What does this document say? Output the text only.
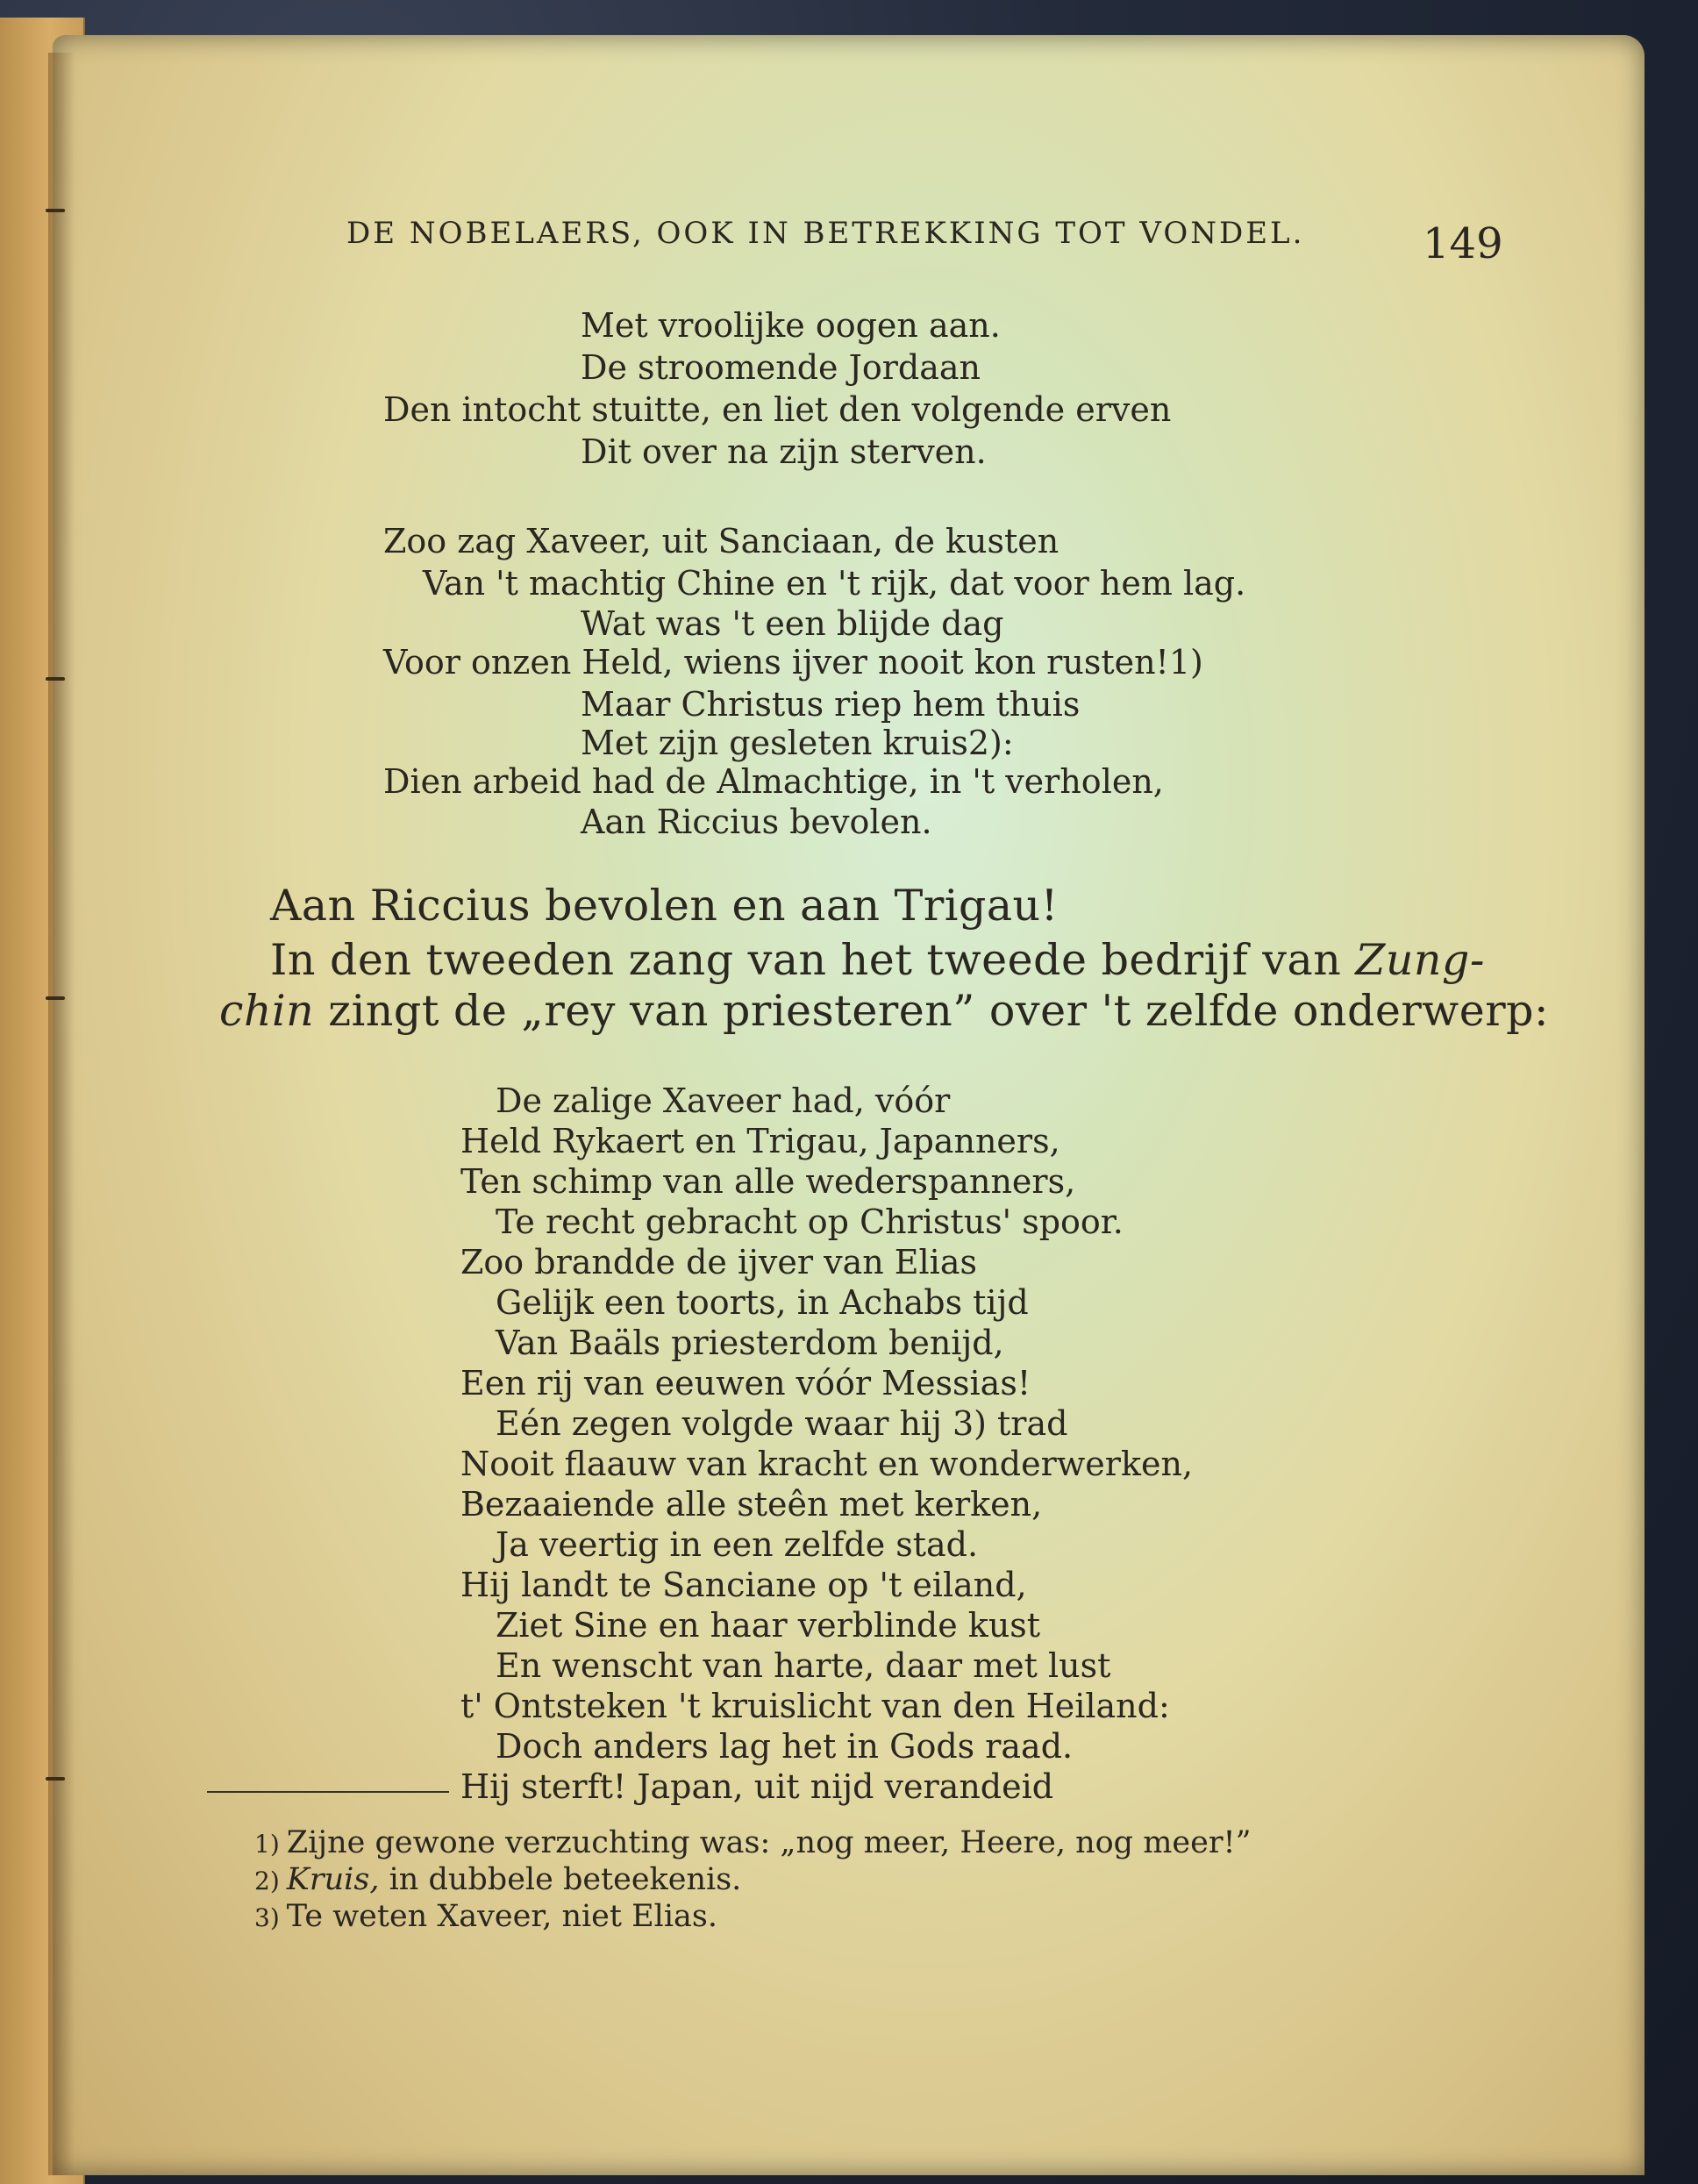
DE NOBELAERS, OOK IN BETREKKING TOT VONDEL.	149
Met vroolijke oogen aan.
De stroomende Jordaan
Den intocht stuitte, en liet den volgende erven
Dit over na zijn sterven.
Zoo zag Xaveer, uit Sanciaan, de kusten
Van 't machtig Chine en 't rijk, dat voor hem lag.
Wat was 't een blijde dag
Voor onzen Held, wiens ijver nooit kon rusten!1)
Maar Christus riep hem thuis
Met zijn gesleten kruis2):
Dien arbeid had de Almachtige, in 't verholen,
Aan Riccius bevolen.
Aan Riccius bevolen en aan Trigau!
In den tweeden zang van het tweede bedrijf van Zung-
chin zingt de „rey van priesteren” over 't zelfde onderwerp:
De zalige Xaveer had, vóór
Held Rykaert en Trigau, Japanners,
Ten schimp van alle wederspanners,
Te recht gebracht op Christus' spoor.
Zoo brandde de ijver van Elias
Gelijk een toorts, in Achabs tijd
Van Baäls priesterdom benijd,
Een rij van eeuwen vóór Messias!
Eén zegen volgde waar hij 3) trad
Nooit flaauw van kracht en wonderwerken,
Bezaaiende alle steên met kerken,
Ja veertig in een zelfde stad.
Hij landt te Sanciane op 't eiland,
Ziet Sine en haar verblinde kust
En wenscht van harte, daar met lust
t' Ontsteken 't kruislicht van den Heiland:
Doch anders lag het in Gods raad.
Hij sterft! Japan, uit nijd verandeid
1) Zijne gewone verzuchting was: „nog meer, Heere, nog meer!”
2) Kruis, in dubbele beteekenis.
3) Te weten Xaveer, niet Elias.
